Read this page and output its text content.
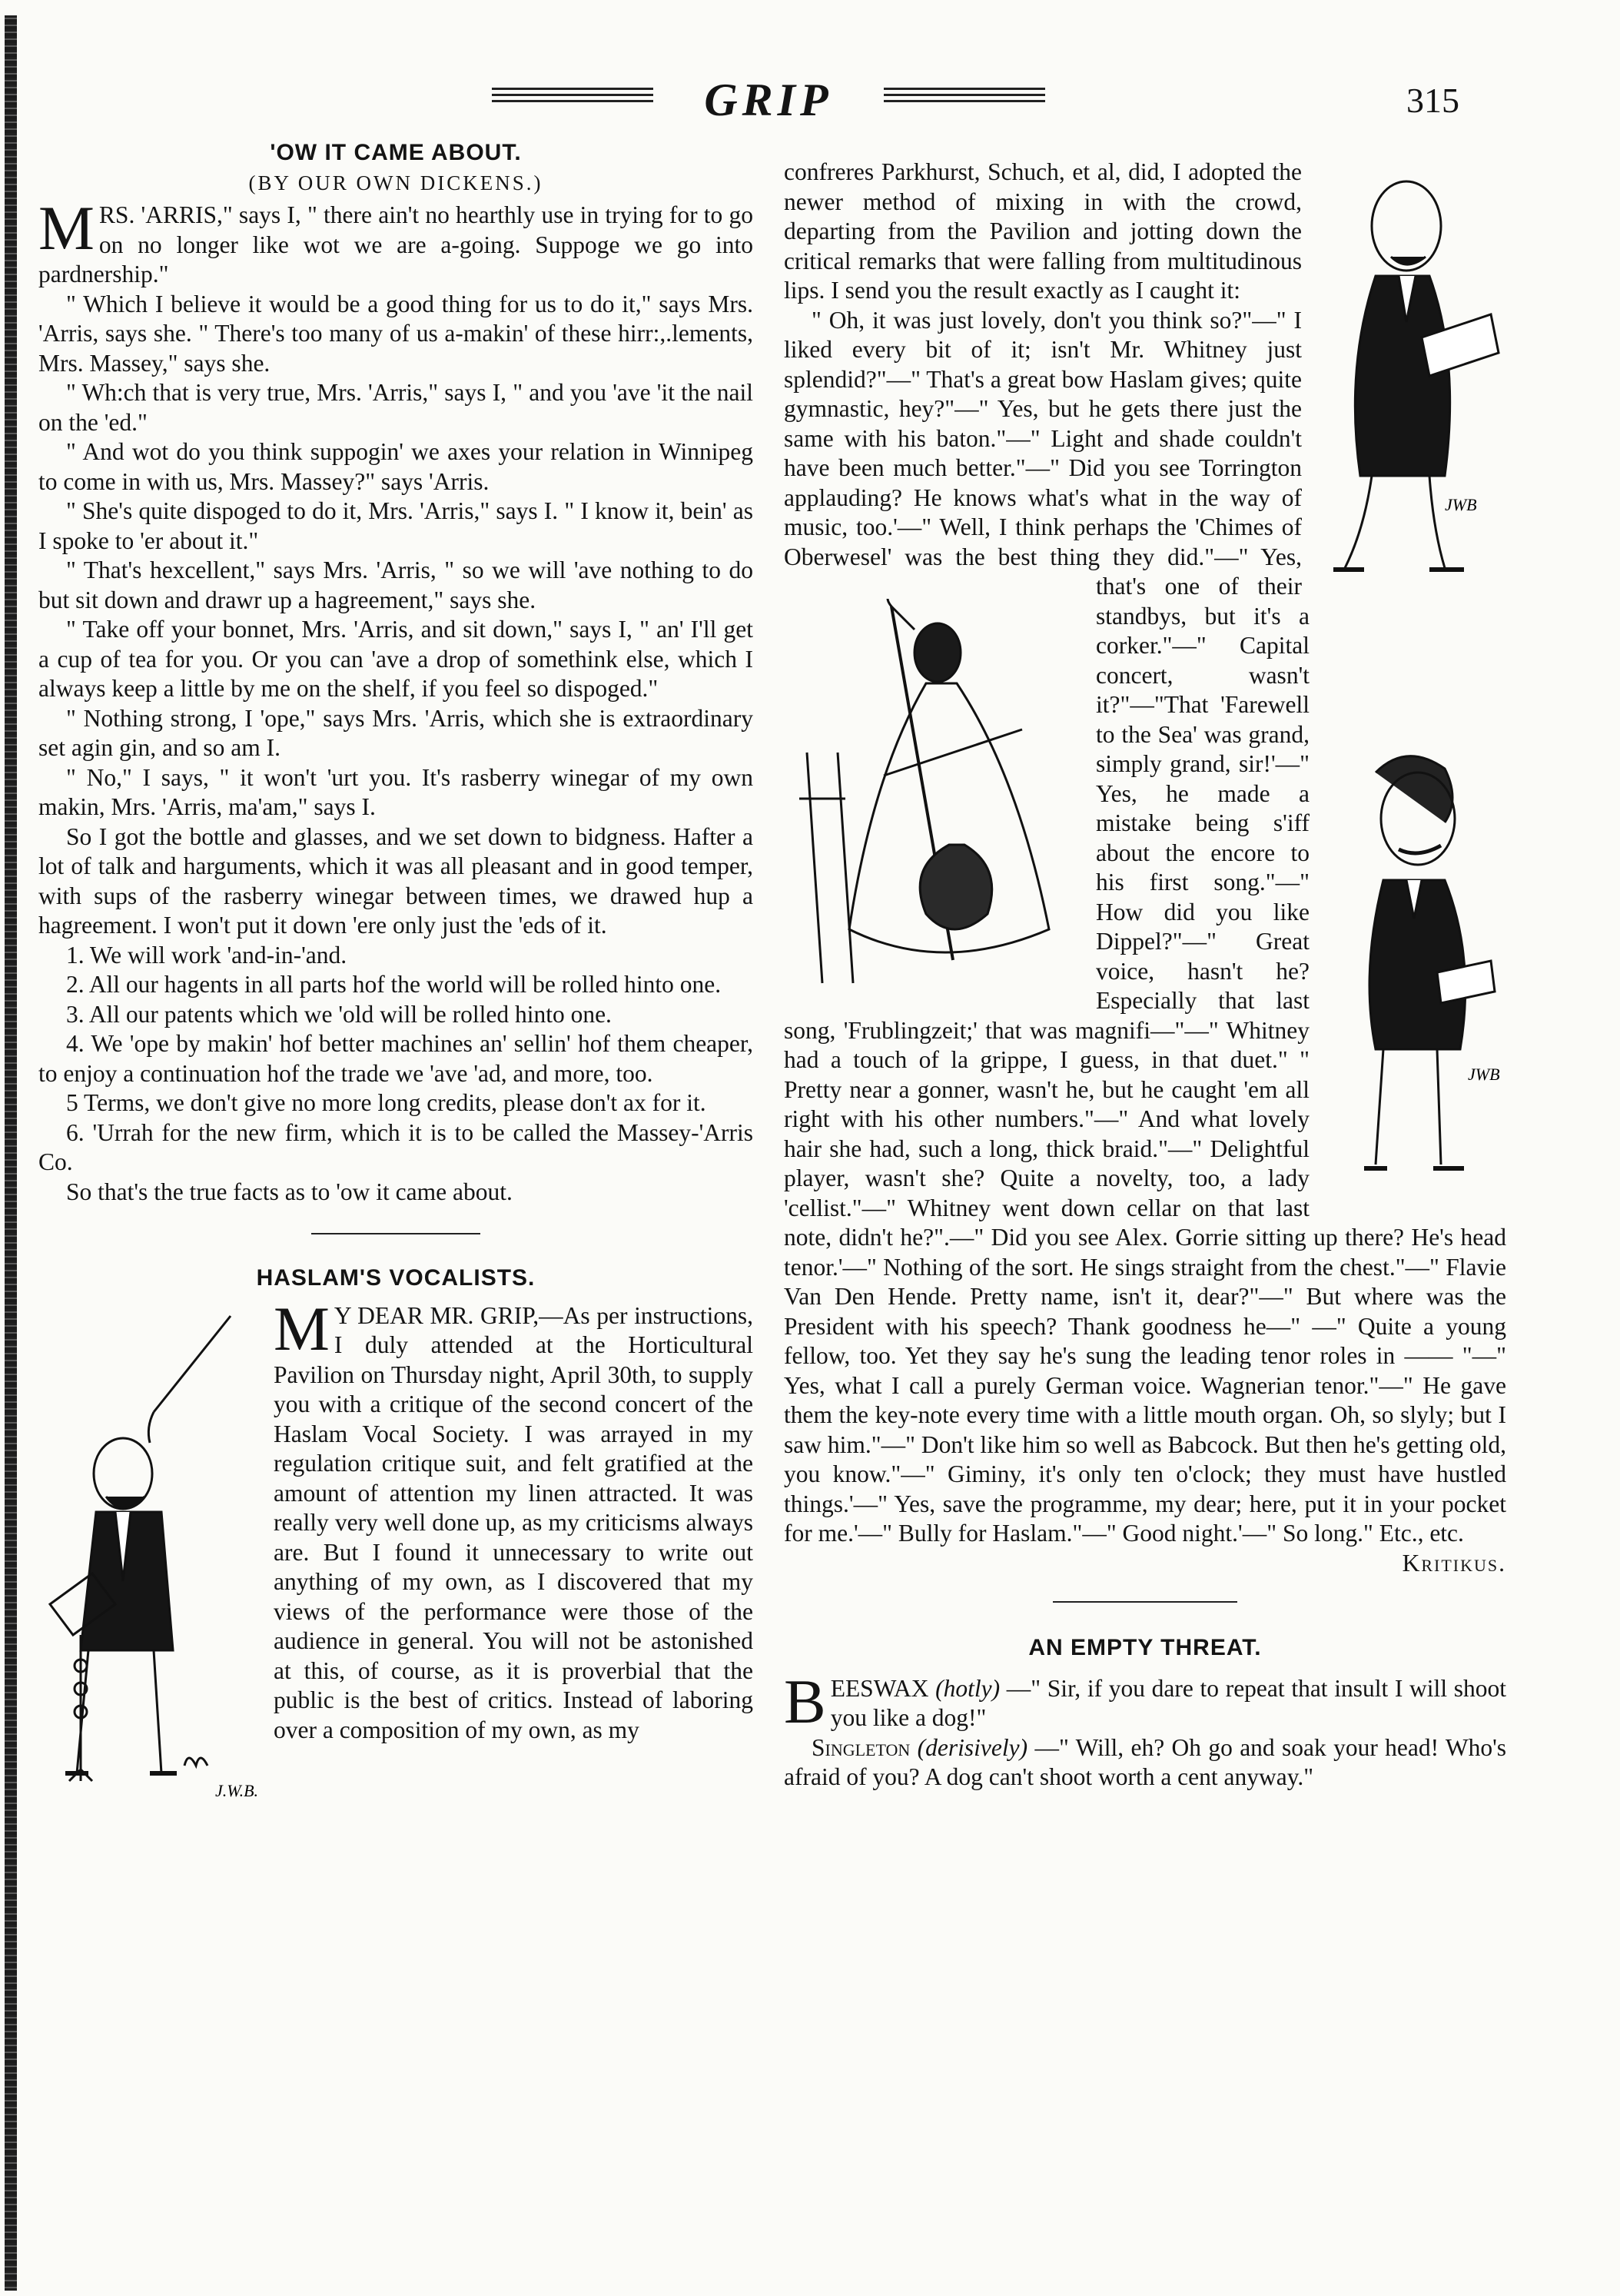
GRIP	315
'OW IT CAME ABOUT.
(BY OUR OWN DICKENS.)

M RS. 'ARRIS," says I, " there ain't no hearthly use in trying for to go on no longer like wot we are a-going. Suppoge we go into pardnership."

" Which I believe it would be a good thing for us to do it," says Mrs. 'Arris, says she. " There's too many of us a-makin' of these hirr:,.lements, Mrs. Massey," says she.

" Wh:ch that is very true, Mrs. 'Arris," says I, " and you 'ave 'it the nail on the 'ed."

" And wot do you think suppogin' we axes your relation in Winnipeg to come in with us, Mrs. Massey?" says 'Arris.

" She's quite dispoged to do it, Mrs. 'Arris," says I. " I know it, bein' as I spoke to 'er about it."

" That's hexcellent," says Mrs. 'Arris, " so we will 'ave nothing to do but sit down and drawr up a hagreement," says she.

" Take off your bonnet, Mrs. 'Arris, and sit down," says I, " an' I'll get a cup of tea for you. Or you can 'ave a drop of somethink else, which I always keep a little by me on the shelf, if you feel so dispoged."

" Nothing strong, I 'ope," says Mrs. 'Arris, which she is extraordinary set agin gin, and so am I.

" No," I says, " it won't 'urt you. It's rasberry winegar of my own makin, Mrs. 'Arris, ma'am," says I.

So I got the bottle and glasses, and we set down to bidgness. Hafter a lot of talk and harguments, which it was all pleasant and in good temper, with sups of the rasberry winegar between times, we drawed hup a hagreement. I won't put it down 'ere only just the 'eds of it.

1. We will work 'and-in-'and.

2. All our hagents in all parts hof the world will be rolled hinto one.

3. All our patents which we 'old will be rolled hinto one.

4. We 'ope by makin' hof better machines an' sellin' hof them cheaper, to enjoy a continuation hof the trade we 'ave 'ad, and more, too.

5 Terms, we don't give no more long credits, please don't ax for it.

6. 'Urrah for the new firm, which it is to be called the Massey-'Arris Co.

So that's the true facts as to 'ow it came about.

HASLAM'S VOCALISTS.
J.W.B.

M Y DEAR MR. GRIP,—As per instructions, I duly attended at the Horticultural Pavilion on Thursday night, April 30th, to supply you with a critique of the second concert of the Haslam Vocal Society. I was arrayed in my regulation critique suit, and felt gratified at the amount of attention my linen attracted. It was really very well done up, as my criticisms always are. But I found it unnecessary to write out anything of my own, as I discovered that my views of the performance were those of the audience in general. You will not be astonished at this, of course, as it is proverbial that the public is the best of critics. Instead of laboring over a composition of my own, as my

JWB

confreres Parkhurst, Schuch, et al, did, I adopted the newer method of mixing in with the crowd, departing from the Pavilion and jotting down the critical remarks that were falling from multitudinous lips. I send you the result exactly as I caught it:

JWB

" Oh, it was just lovely, don't you think so?"—" I liked every bit of it; isn't Mr. Whitney just splendid?"—" That's a great bow Haslam gives; quite gymnastic, hey?"—" Yes, but he gets there just the same with his baton."—" Light and shade couldn't have been much better."—" Did you see Torrington applauding? He knows what's what in the way of music, too.'—" Well, I think perhaps the 'Chimes of Oberwesel' was the best thing they did."—" Yes, that's one of their standbys, but it's a corker."—" Capital concert, wasn't it?"—"That 'Farewell to the Sea' was grand, simply grand, sir!'—" Yes, he made a mistake being s'iff about the encore to his first song."—" How did you like Dippel?"—" Great voice, hasn't he? Especially that last song, 'Frublingzeit;' that was magnifi—"—" Whitney had a touch of la grippe, I guess, in that duet." " Pretty near a gonner, wasn't he, but he caught 'em all right with his other numbers."—" And what lovely hair she had, such a long, thick braid."—" Delightful player, wasn't she? Quite a novelty, too, a lady 'cellist."—" Whitney went down cellar on that last note, didn't he?".—" Did you see Alex. Gorrie sitting up there? He's head tenor.'—" Nothing of the sort. He sings straight from the chest."—" Flavie Van Den Hende. Pretty name, isn't it, dear?"—" But where was the President with his speech? Thank goodness he—" —" Quite a young fellow, too. Yet they say he's sung the leading tenor roles in —— "—" Yes, what I call a purely German voice. Wagnerian tenor."—" He gave them the key-note every time with a little mouth organ. Oh, so slyly; but I saw him."—" Don't like him so well as Babcock. But then he's getting old, you know."—" Giminy, it's only ten o'clock; they must have hustled things.'—" Yes, save the programme, my dear; here, put it in your pocket for me.'—" Bully for Haslam."—" Good night.'—" So long." Etc., etc.

Kritikus.

AN EMPTY THREAT.

B EESWAX (hotly) —" Sir, if you dare to repeat that insult I will shoot you like a dog!"

Singleton (derisively) —" Will, eh? Oh go and soak your head! Who's afraid of you? A dog can't shoot worth a cent anyway."
